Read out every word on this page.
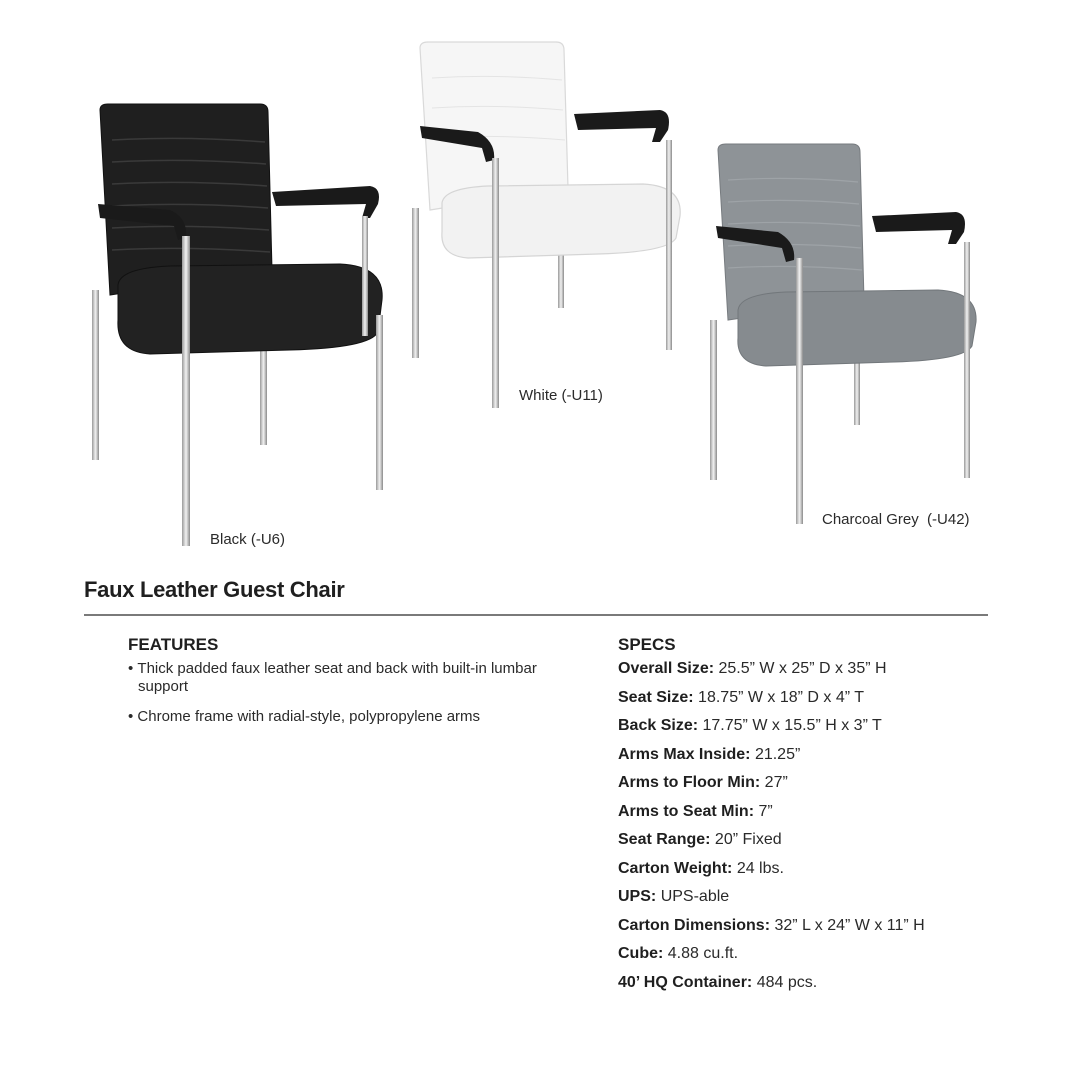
Black (-U6)
White (-U11)
Charcoal Grey  (-U42)
Faux Leather Guest Chair
FEATURES
• Thick padded faux leather seat and back with built-in lumbar support
• Chrome frame with radial-style, polypropylene arms
SPECS
Overall Size: 25.5” W x 25” D x 35” H
Seat Size: 18.75” W x 18” D x 4” T
Back Size: 17.75” W x 15.5” H x 3” T
Arms Max Inside: 21.25”
Arms to Floor Min: 27”
Arms to Seat Min: 7”
Seat Range: 20” Fixed
Carton Weight: 24 lbs.
UPS: UPS-able
Carton Dimensions: 32” L x 24” W x 11” H
Cube: 4.88 cu.ft.
40’ HQ Container: 484 pcs.
